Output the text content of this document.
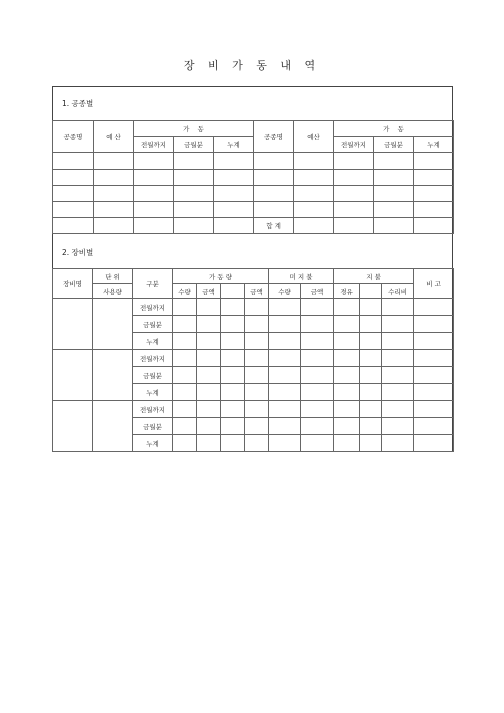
장 비 가 동 내 역
1. 공종별
공종명	예 산	가    동			공종명	예산	가    동		
		전월까지	금월분	누계			전월까지	금월분	누계

					합 계				
2. 장비별
장비명	단 위	구분	가 동 량				미 지 불		지 불			비 고
	사용량		수량	금액		금액	수량	금액	경유		수리비	
		전월까지										
		금월분										
		누계										
		전월까지										
		금월분										
		누계										
		전월까지										
		금월분										
		누계										
